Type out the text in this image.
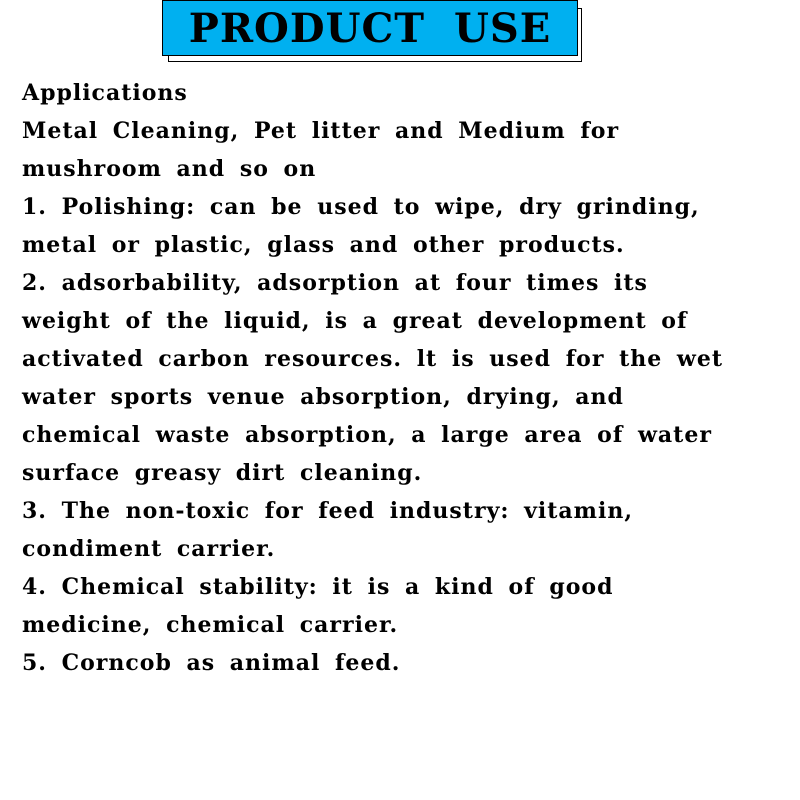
PRODUCT USE
Applications
Metal Cleaning, Pet litter and Medium for
mushroom and so on
1. Polishing: can be used to wipe, dry grinding,
metal or plastic, glass and other products.
2. adsorbability, adsorption at four times its
weight of the liquid, is a great development of
activated carbon resources. lt is used for the wet
water sports venue absorption, drying, and
chemical waste absorption, a large area of water
surface greasy dirt cleaning.
3. The non-toxic for feed industry: vitamin,
condiment carrier.
4. Chemical stability: it is a kind of good
medicine, chemical carrier.
5. Corncob as animal feed.
